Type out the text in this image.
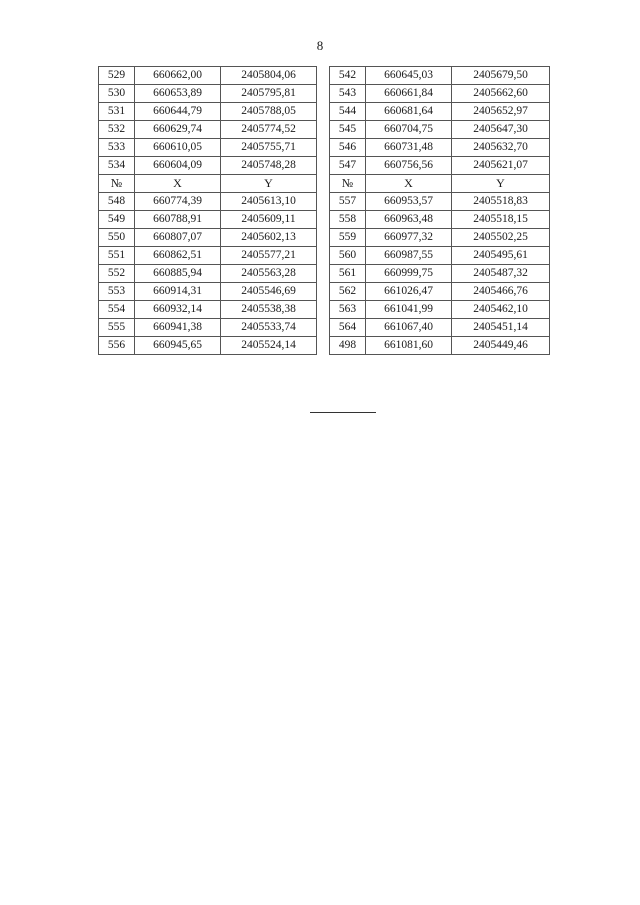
8
529	660662,00	2405804,06		542	660645,03	2405679,50
530	660653,89	2405795,81		543	660661,84	2405662,60
531	660644,79	2405788,05		544	660681,64	2405652,97
532	660629,74	2405774,52		545	660704,75	2405647,30
533	660610,05	2405755,71		546	660731,48	2405632,70
534	660604,09	2405748,28		547	660756,56	2405621,07
№	X	Y		№	X	Y
548	660774,39	2405613,10		557	660953,57	2405518,83
549	660788,91	2405609,11		558	660963,48	2405518,15
550	660807,07	2405602,13		559	660977,32	2405502,25
551	660862,51	2405577,21		560	660987,55	2405495,61
552	660885,94	2405563,28		561	660999,75	2405487,32
553	660914,31	2405546,69		562	661026,47	2405466,76
554	660932,14	2405538,38		563	661041,99	2405462,10
555	660941,38	2405533,74		564	661067,40	2405451,14
556	660945,65	2405524,14		498	661081,60	2405449,46
